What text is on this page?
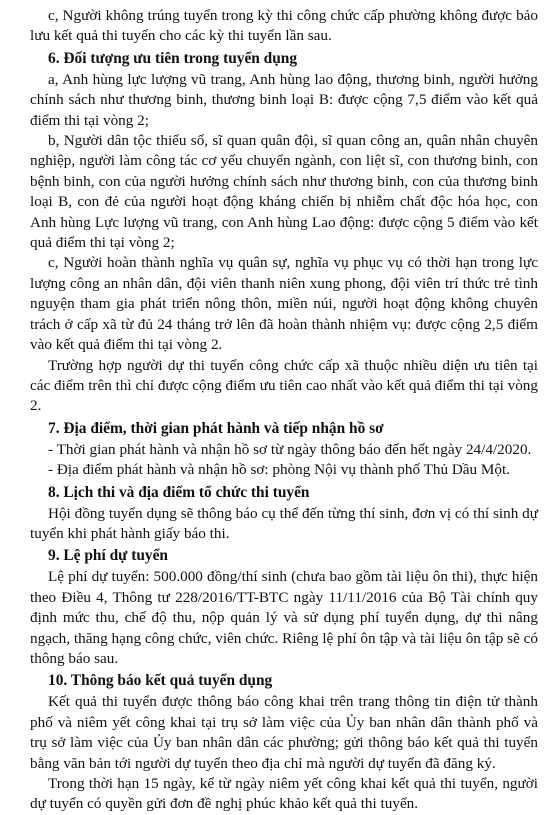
c, Người không trúng tuyển trong kỳ thi công chức cấp phường không được bảo lưu kết quả thi tuyển cho các kỳ thi tuyển lần sau.

6. Đối tượng ưu tiên trong tuyển dụng

a, Anh hùng lực lượng vũ trang, Anh hùng lao động, thương binh, người hưởng chính sách như thương binh, thương binh loại B: được cộng 7,5 điểm vào kết quả điểm thi tại vòng 2;

b, Người dân tộc thiểu số, sĩ quan quân đội, sĩ quan công an, quân nhân chuyên nghiệp, người làm công tác cơ yếu chuyển ngành, con liệt sĩ, con thương binh, con bệnh binh, con của người hưởng chính sách như thương binh, con của thương binh loại B, con đẻ của người hoạt động kháng chiến bị nhiễm chất độc hóa học, con Anh hùng Lực lượng vũ trang, con Anh hùng Lao động: được cộng 5 điểm vào kết quả điểm thi tại vòng 2;

c, Người hoàn thành nghĩa vụ quân sự, nghĩa vụ phục vụ có thời hạn trong lực lượng công an nhân dân, đội viên thanh niên xung phong, đội viên trí thức trẻ tình nguyện tham gia phát triển nông thôn, miền núi, người hoạt động không chuyên trách ở cấp xã từ đủ 24 tháng trở lên đã hoàn thành nhiệm vụ: được cộng 2,5 điểm vào kết quả điểm thi tại vòng 2.

Trường hợp người dự thi tuyển công chức cấp xã thuộc nhiều diện ưu tiên tại các điểm trên thì chỉ được cộng điểm ưu tiên cao nhất vào kết quả điểm thi tại vòng 2.

7. Địa điểm, thời gian phát hành và tiếp nhận hồ sơ

- Thời gian phát hành và nhận hồ sơ từ ngày thông báo đến hết ngày 24/4/2020.

- Địa điểm phát hành và nhận hồ sơ: phòng Nội vụ thành phố Thủ Dầu Một.

8. Lịch thi và địa điểm tổ chức thi tuyển

Hội đồng tuyển dụng sẽ thông báo cụ thể đến từng thí sinh, đơn vị có thí sinh dự tuyển khi phát hành giấy báo thi.

9. Lệ phí dự tuyển

Lệ phí dự tuyển: 500.000 đồng/thí sinh (chưa bao gồm tài liệu ôn thi), thực hiện theo Điều 4, Thông tư 228/2016/TT-BTC ngày 11/11/2016 của Bộ Tài chính quy định mức thu, chế độ thu, nộp quản lý và sử dụng phí tuyển dụng, dự thi nâng ngạch, thăng hạng công chức, viên chức. Riêng lệ phí ôn tập và tài liệu ôn tập sẽ có thông báo sau.

10. Thông báo kết quả tuyển dụng

Kết quả thi tuyển được thông báo công khai trên trang thông tin điện tử thành phố và niêm yết công khai tại trụ sở làm việc của Ủy ban nhân dân thành phố và trụ sở làm việc của Ủy ban nhân dân các phường; gửi thông báo kết quả thi tuyển bằng văn bản tới người dự tuyển theo địa chỉ mà người dự tuyển đã đăng ký.

Trong thời hạn 15 ngày, kể từ ngày niêm yết công khai kết quả thi tuyển, người dự tuyển có quyền gửi đơn đề nghị phúc khảo kết quả thi tuyển.
